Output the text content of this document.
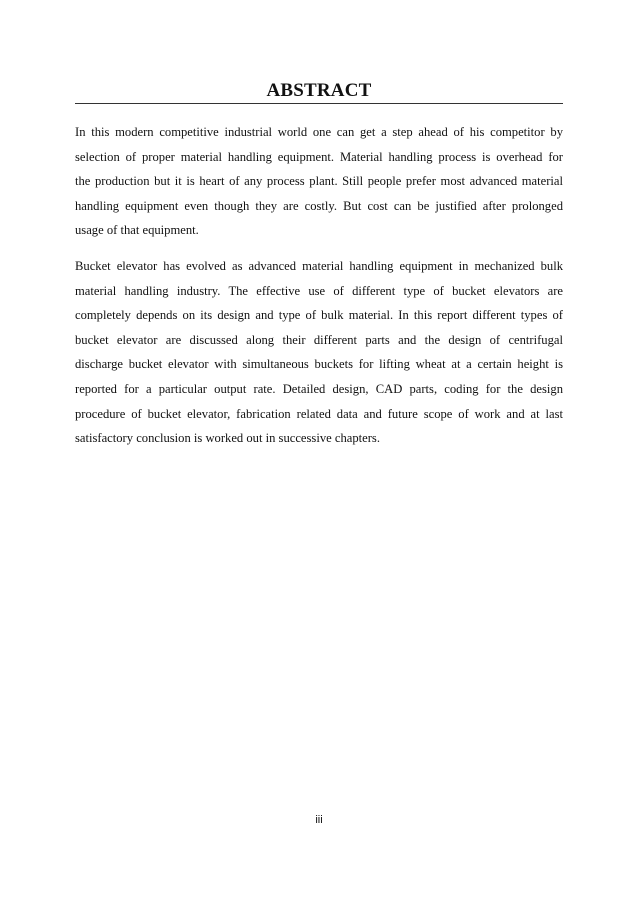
ABSTRACT
In this modern competitive industrial world one can get a step ahead of his competitor by
selection of proper material handling equipment. Material handling process is overhead for
the production but it is heart of any process plant. Still people prefer most advanced material
handling equipment even though they are costly. But cost can be justified after prolonged
usage of that equipment.
Bucket elevator has evolved as advanced material handling equipment in mechanized bulk
material handling industry. The effective use of different type of bucket elevators are
completely depends on its design and type of bulk material. In this report different types of
bucket elevator are discussed along their different parts and the design of centrifugal
discharge bucket elevator with simultaneous buckets for lifting wheat at a certain height is
reported for a particular output rate. Detailed design, CAD parts, coding for the design
procedure of bucket elevator, fabrication related data and future scope of work and at last
satisfactory conclusion is worked out in successive chapters.
iii
